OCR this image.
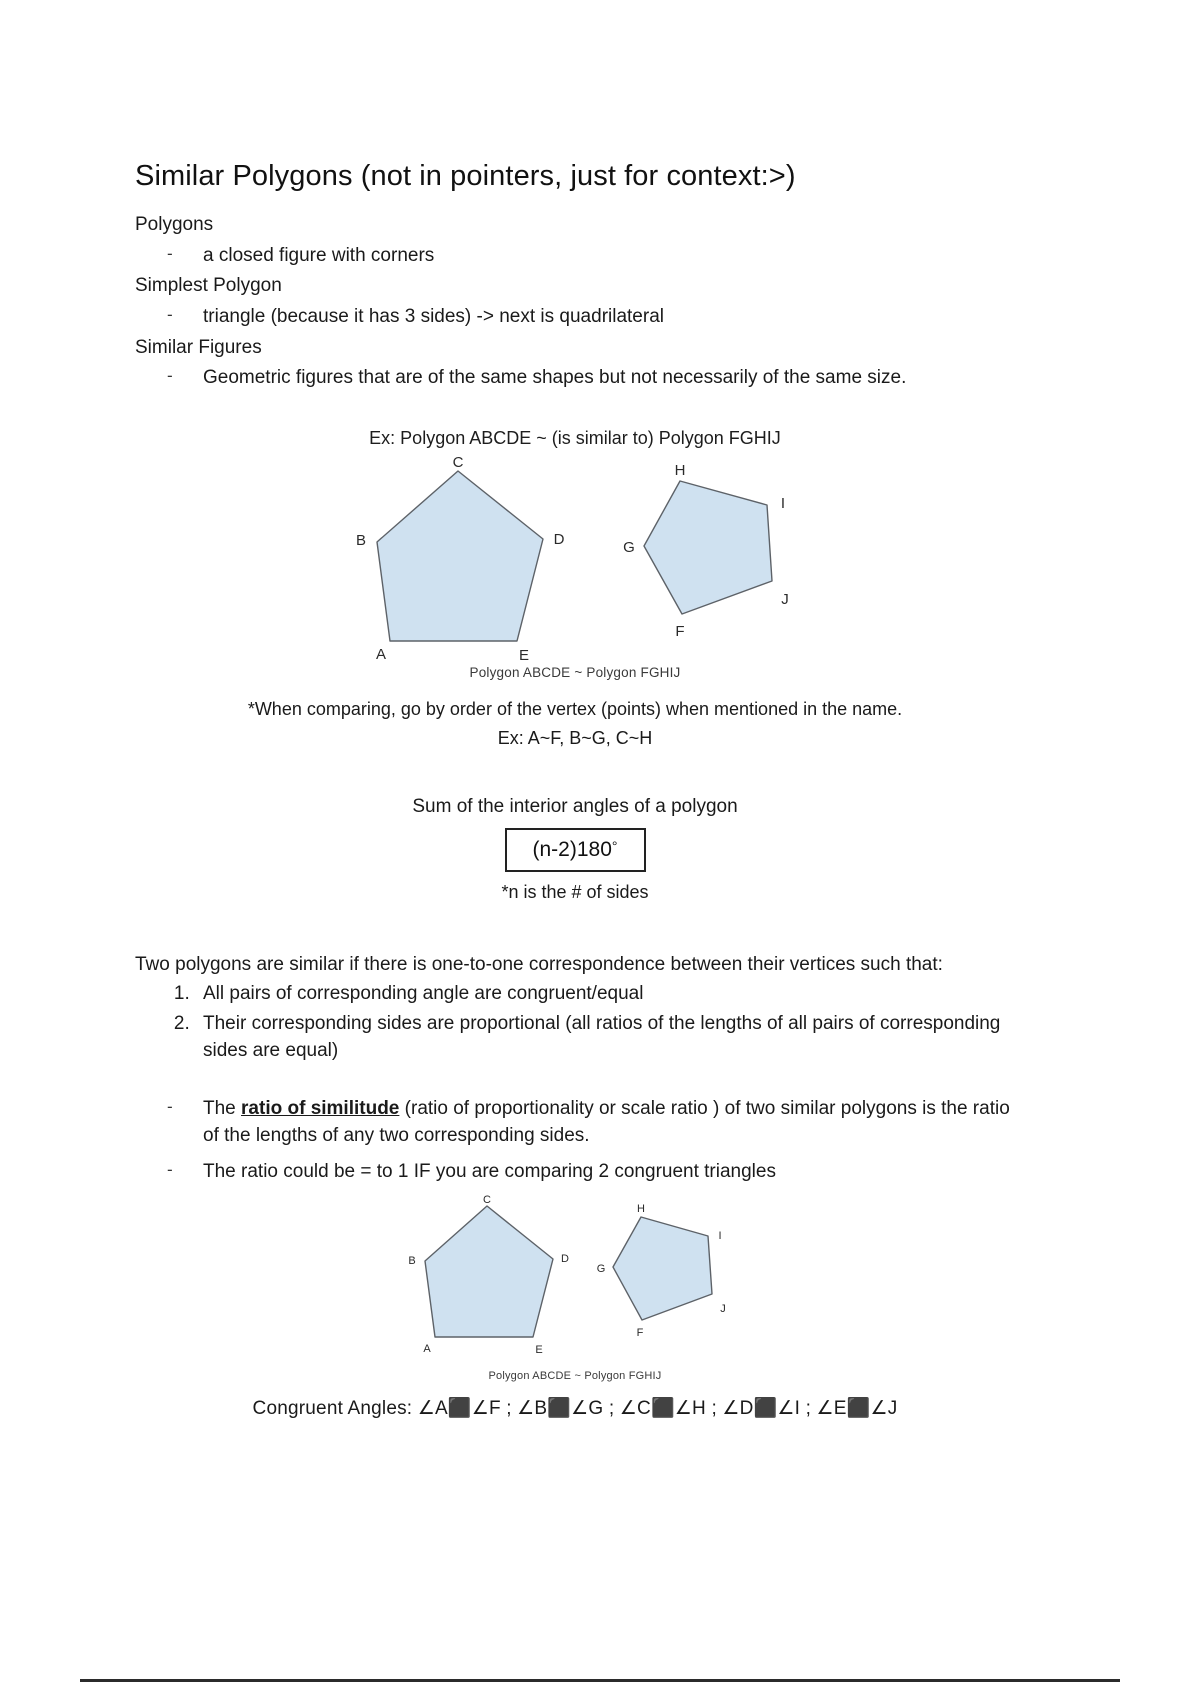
Similar Polygons (not in pointers, just for context:>)

Polygons

- a closed figure with corners

Simplest Polygon

- triangle (because it has 3 sides) -> next is quadrilateral

Similar Figures

- Geometric figures that are of the same shapes but not necessarily of the same size.
Ex: Polygon ABCDE ~ (is similar to) Polygon FGHIJ
A
B
C
D
E
F
G
H
I
J
Polygon ABCDE ~ Polygon FGHIJ
*When comparing, go by order of the vertex (points) when mentioned in the name.
Ex: A~F, B~G, C~H
Sum of the interior angles of a polygon
(n-2)180°
*n is the # of sides
Two polygons are similar if there is one-to-one correspondence between their vertices such that:
1. All pairs of corresponding angle are congruent/equal
2. Their corresponding sides are proportional (all ratios of the lengths of all pairs of corresponding sides are equal)
- The ratio of similitude (ratio of proportionality or scale ratio ) of two similar polygons is the ratio of the lengths of any two corresponding sides.
- The ratio could be = to 1 IF you are comparing 2 congruent triangles
A
B
C
D
E
F
G
H
I
J
Polygon ABCDE ~ Polygon FGHIJ
Congruent Angles: ∠A⬛∠F ; ∠B⬛∠G ; ∠C⬛∠H ; ∠D⬛∠I ; ∠E⬛∠J
